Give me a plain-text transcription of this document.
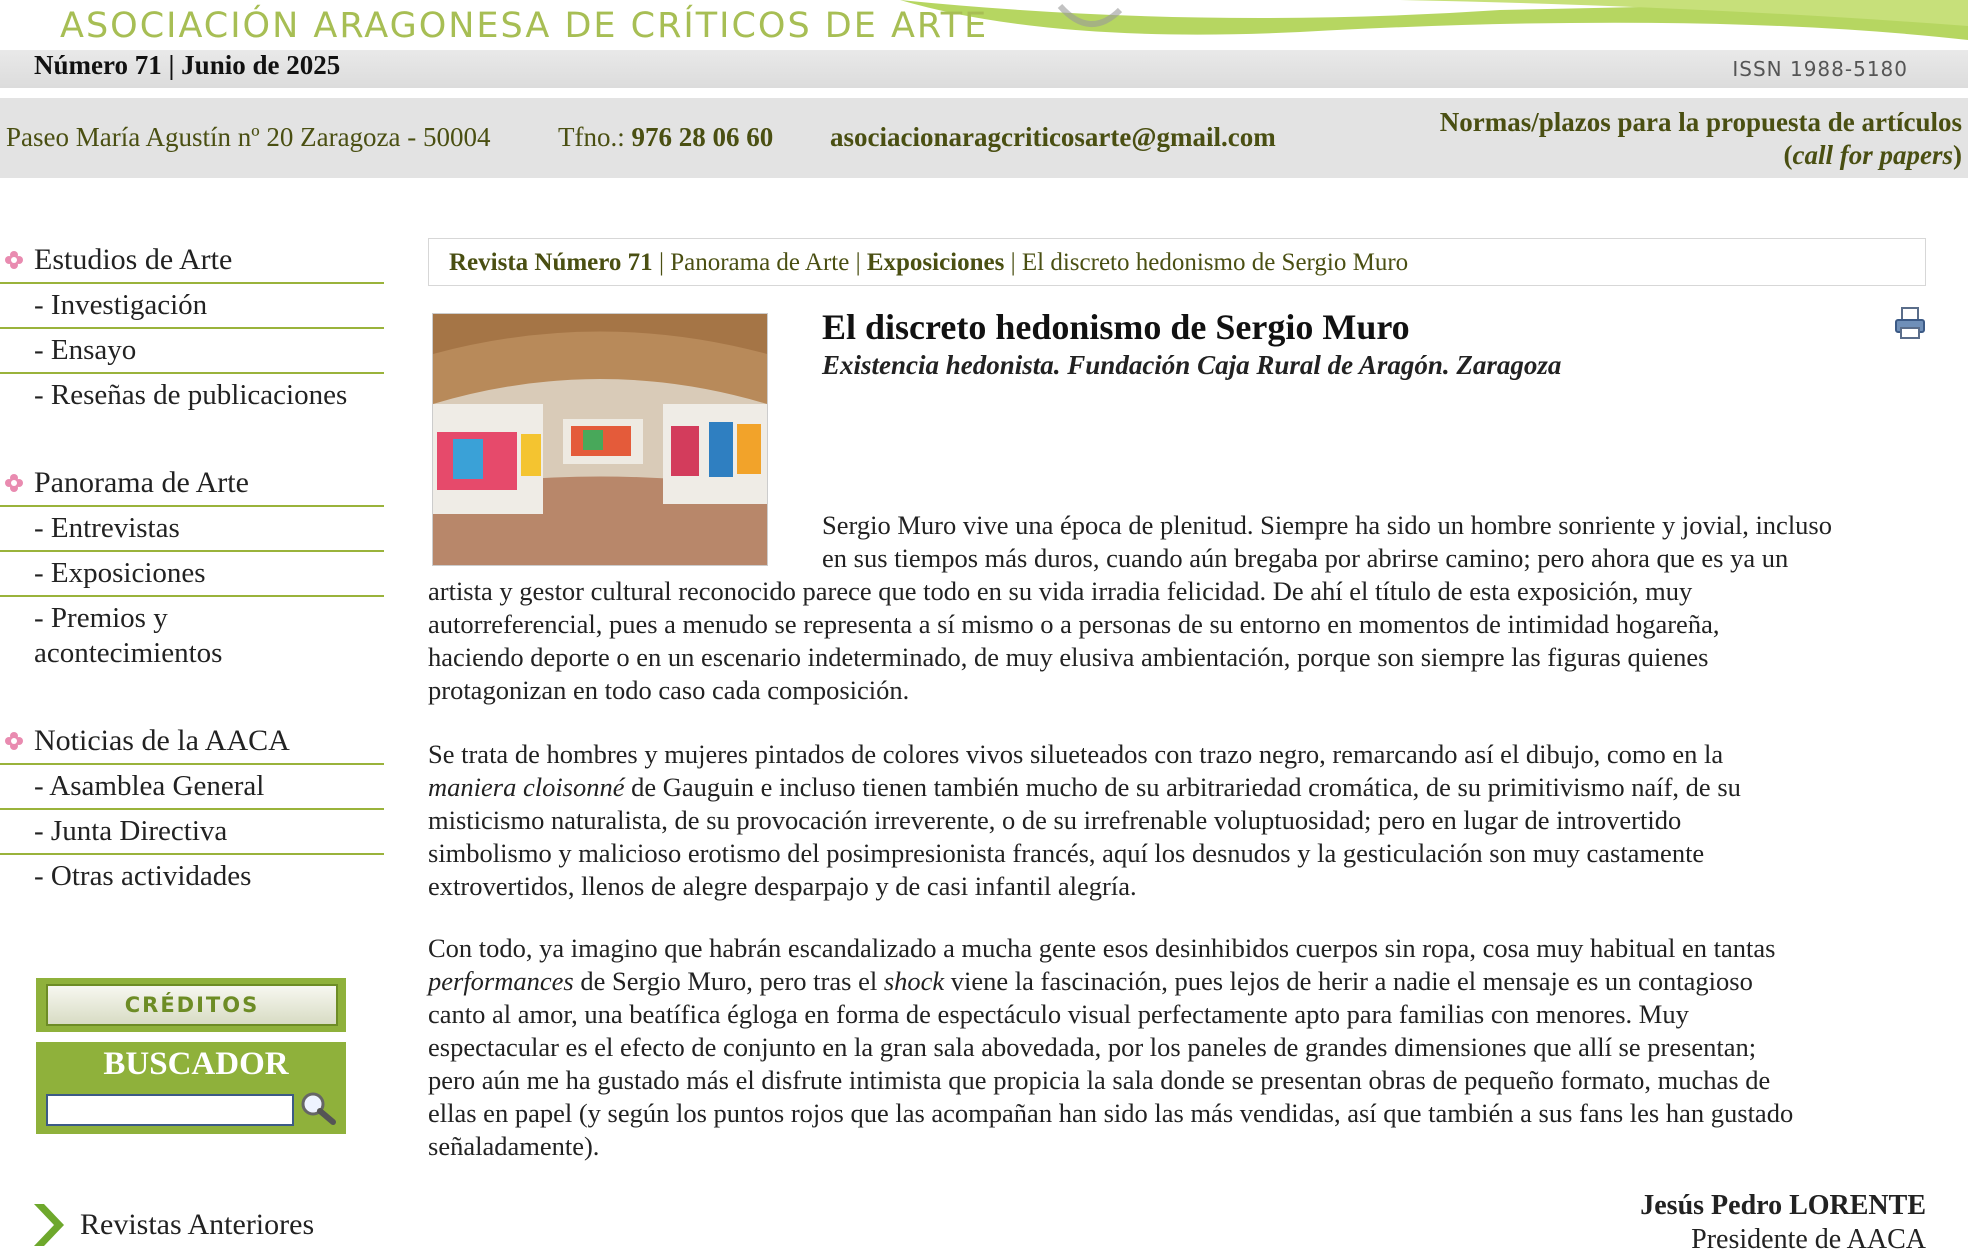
ASOCIACIÓN ARAGONESA DE CRÍTICOS DE ARTE
Número 71 | Junio de 2025	ISSN 1988-5180
Paseo María Agustín nº 20 Zaragoza - 50004 Tfno.: 976 28 06 60 asociacionaragcriticosarte@gmail.com	Normas/plazos para la propuesta de artículos
(call for papers)
Estudios de Arte
- Investigación
- Ensayo
- Reseñas de publicaciones
Panorama de Arte
- Entrevistas
- Exposiciones
- Premios y acontecimientos
Noticias de la AACA
- Asamblea General
- Junta Directiva
- Otras actividades
CRÉDITOS
BUSCADOR
Revistas Anteriores
Revista Número 71 | Panorama de Arte | Exposiciones | El discreto hedonismo de Sergio Muro
El discreto hedonismo de Sergio Muro
Existencia hedonista. Fundación Caja Rural de Aragón. Zaragoza
Sergio Muro vive una época de plenitud. Siempre ha sido un hombre sonriente y jovial, incluso
en sus tiempos más duros, cuando aún bregaba por abrirse camino; pero ahora que es ya un
artista y gestor cultural reconocido parece que todo en su vida irradia felicidad. De ahí el título de esta exposición, muy
autorreferencial, pues a menudo se representa a sí mismo o a personas de su entorno en momentos de intimidad hogareña,
haciendo deporte o en un escenario indeterminado, de muy elusiva ambientación, porque son siempre las figuras quienes
protagonizan en todo caso cada composición.
Se trata de hombres y mujeres pintados de colores vivos silueteados con trazo negro, remarcando así el dibujo, como en la
maniera cloisonné de Gauguin e incluso tienen también mucho de su arbitrariedad cromática, de su primitivismo naíf, de su
misticismo naturalista, de su provocación irreverente, o de su irrefrenable voluptuosidad; pero en lugar de introvertido
simbolismo y malicioso erotismo del posimpresionista francés, aquí los desnudos y la gesticulación son muy castamente
extrovertidos, llenos de alegre desparpajo y de casi infantil alegría.
Con todo, ya imagino que habrán escandalizado a mucha gente esos desinhibidos cuerpos sin ropa, cosa muy habitual en tantas
performances de Sergio Muro, pero tras el shock viene la fascinación, pues lejos de herir a nadie el mensaje es un contagioso
canto al amor, una beatífica égloga en forma de espectáculo visual perfectamente apto para familias con menores. Muy
espectacular es el efecto de conjunto en la gran sala abovedada, por los paneles de grandes dimensiones que allí se presentan;
pero aún me ha gustado más el disfrute intimista que propicia la sala donde se presentan obras de pequeño formato, muchas de
ellas en papel (y según los puntos rojos que las acompañan han sido las más vendidas, así que también a sus fans les han gustado
señaladamente).
Jesús Pedro LORENTE
Presidente de AACA
